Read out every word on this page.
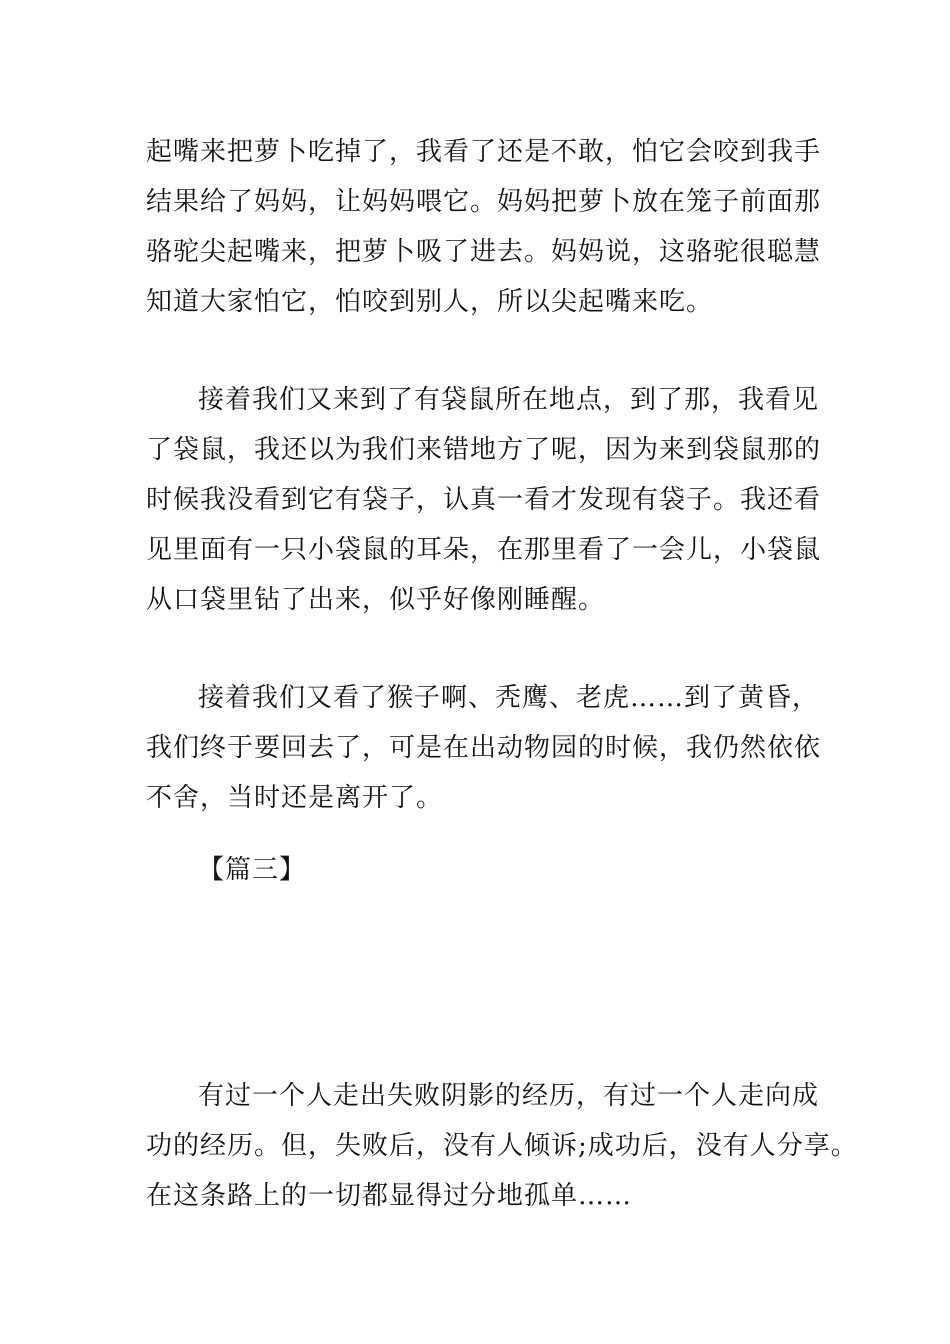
起嘴来把萝卜吃掉了，我看了还是不敢，怕它会咬到我手
结果给了妈妈，让妈妈喂它。妈妈把萝卜放在笼子前面那
骆驼尖起嘴来，把萝卜吸了进去。妈妈说，这骆驼很聪慧
知道大家怕它，怕咬到别人，所以尖起嘴来吃。
接着我们又来到了有袋鼠所在地点，到了那，我看见
了袋鼠，我还以为我们来错地方了呢，因为来到袋鼠那的
时候我没看到它有袋子，认真一看才发现有袋子。我还看
见里面有一只小袋鼠的耳朵，在那里看了一会儿，小袋鼠
从口袋里钻了出来，似乎好像刚睡醒。
接着我们又看了猴子啊、秃鹰、老虎……到了黄昏，
我们终于要回去了，可是在出动物园的时候，我仍然依依
不舍，当时还是离开了。
【篇三】
有过一个人走出失败阴影的经历，有过一个人走向成
功的经历。但，失败后，没有人倾诉;成功后，没有人分享。
在这条路上的一切都显得过分地孤单……
